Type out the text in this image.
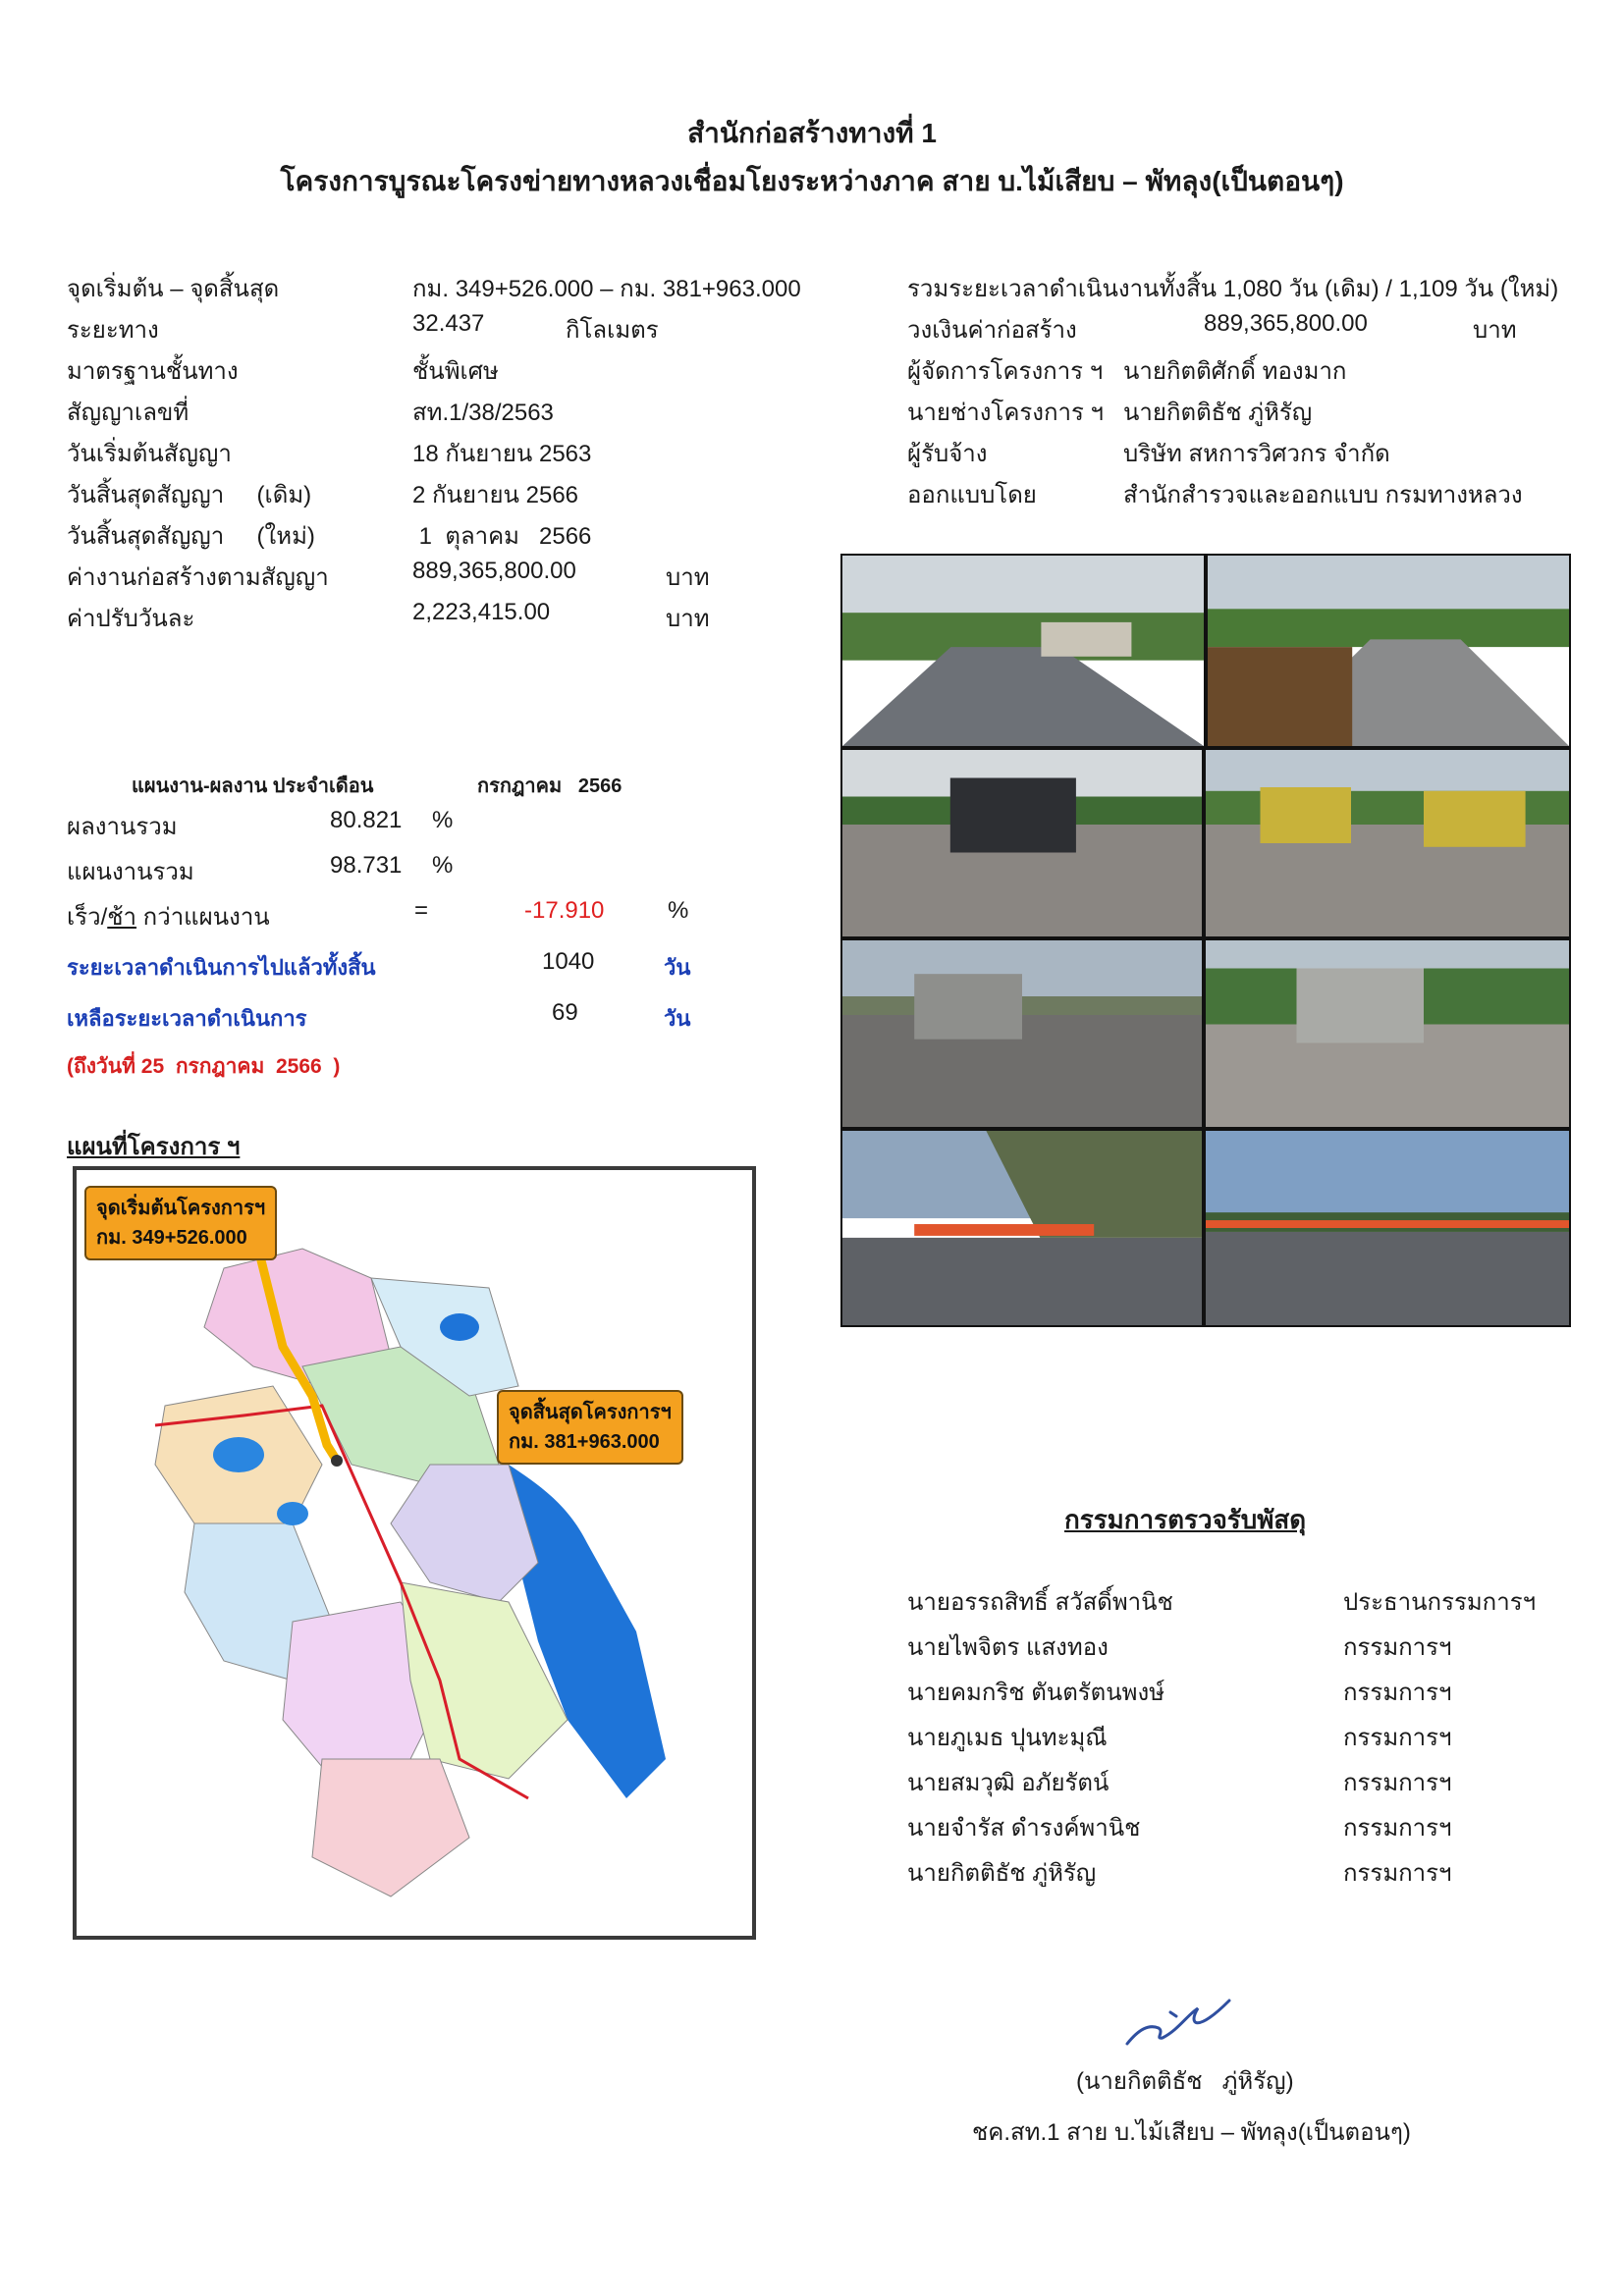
สำนักก่อสร้างทางที่ 1
โครงการบูรณะโครงข่ายทางหลวงเชื่อมโยงระหว่างภาค สาย บ.ไม้เสียบ – พัทลุง(เป็นตอนๆ)
จุดเริ่มต้น – จุดสิ้นสุด	กม. 349+526.000 – กม. 381+963.000
ระยะทาง	32.437	กิโลเมตร
มาตรฐานชั้นทาง	ชั้นพิเศษ
สัญญาเลขที่	สท.1/38/2563
วันเริ่มต้นสัญญา	18 กันยายน 2563
วันสิ้นสุดสัญญา     (เดิม)	2 กันยายน 2566
วันสิ้นสุดสัญญา     (ใหม่)	1  ตุลาคม   2566
ค่างานก่อสร้างตามสัญญา	889,365,800.00	บาท
ค่าปรับวันละ	2,223,415.00	บาท
รวมระยะเวลาดำเนินงานทั้งสิ้น 1,080 วัน (เดิม) / 1,109 วัน (ใหม่)
วงเงินค่าก่อสร้าง	889,365,800.00	บาท
ผู้จัดการโครงการ ฯ นายกิตติศักดิ์ ทองมาก
นายช่างโครงการ ฯ นายกิตติธัช ภู่หิรัญ
ผู้รับจ้าง	บริษัท สหการวิศวกร จำกัด
ออกแบบโดย	สำนักสำรวจและออกแบบ กรมทางหลวง
แผนงาน-ผลงาน ประจำเดือน	กรกฎาคม   2566
ผลงานรวม	80.821 %
แผนงานรวม	98.731 %
เร็ว/ช้า กว่าแผนงาน	=	-17.910	%
ระยะเวลาดำเนินการไปแล้วทั้งสิ้น	1040	วัน
เหลือระยะเวลาดำเนินการ	69	วัน
(ถึงวันที่ 25  กรกฎาคม  2566  )
แผนที่โครงการ ฯ
จุดเริ่มต้นโครงการฯ
กม. 349+526.000
จุดสิ้นสุดโครงการฯ
กม. 381+963.000
กรรมการตรวจรับพัสดุ
นายอรรถสิทธิ์ สวัสดิ์พานิช	ประธานกรรมการฯ
นายไพจิตร แสงทอง	กรรมการฯ
นายคมกริช ตันตรัตนพงษ์	กรรมการฯ
นายภูเมธ ปุนทะมุณี	กรรมการฯ
นายสมวุฒิ อภัยรัตน์	กรรมการฯ
นายจำรัส ดำรงค์พานิช	กรรมการฯ
นายกิตติธัช ภู่หิรัญ	กรรมการฯ
(นายกิตติธัช   ภู่หิรัญ)
ชค.สท.1 สาย บ.ไม้เสียบ – พัทลุง(เป็นตอนๆ)
